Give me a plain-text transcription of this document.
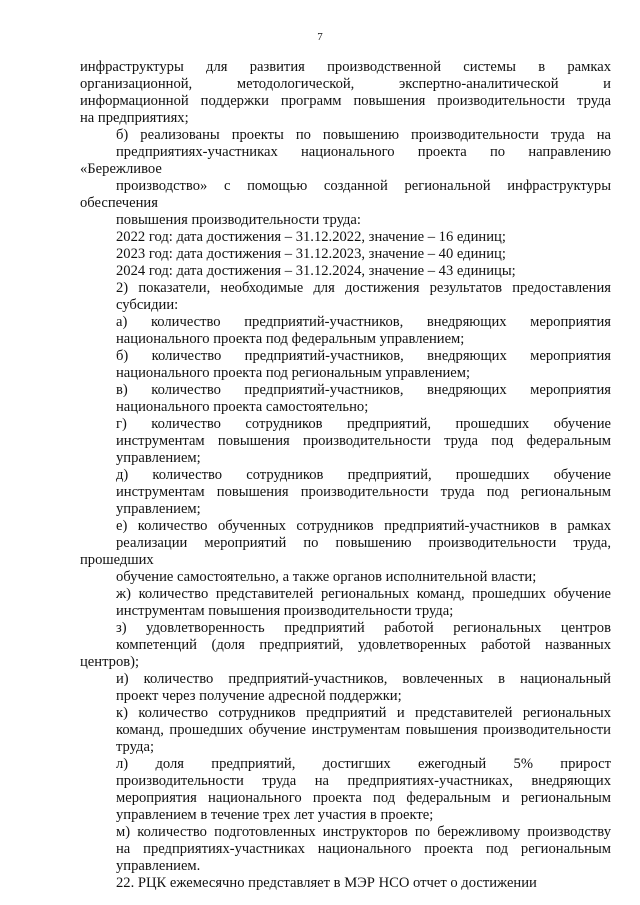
7
инфраструктуры для развития производственной системы в рамках
организационной, методологической, экспертно-аналитической и
информационной поддержки программ повышения производительности труда
на предприятиях;
б) реализованы проекты по повышению производительности труда на
предприятиях-участниках национального проекта по направлению «Бережливое
производство» с помощью созданной региональной инфраструктуры обеспечения
повышения производительности труда:
2022 год: дата достижения – 31.12.2022, значение – 16 единиц;
2023 год: дата достижения – 31.12.2023, значение – 40 единиц;
2024 год: дата достижения – 31.12.2024, значение – 43 единицы;
2) показатели, необходимые для достижения результатов предоставления
субсидии:
а) количество предприятий-участников, внедряющих мероприятия
национального проекта под федеральным управлением;
б) количество предприятий-участников, внедряющих мероприятия
национального проекта под региональным управлением;
в) количество предприятий-участников, внедряющих мероприятия
национального проекта самостоятельно;
г) количество сотрудников предприятий, прошедших обучение
инструментам повышения производительности труда под федеральным
управлением;
д) количество сотрудников предприятий, прошедших обучение
инструментам повышения производительности труда под региональным
управлением;
е) количество обученных сотрудников предприятий-участников в рамках
реализации мероприятий по повышению производительности труда, прошедших
обучение самостоятельно, а также органов исполнительной власти;
ж) количество представителей региональных команд, прошедших обучение
инструментам повышения производительности труда;
з) удовлетворенность предприятий работой региональных центров
компетенций (доля предприятий, удовлетворенных работой названных центров);
и) количество предприятий-участников, вовлеченных в национальный
проект через получение адресной поддержки;
к) количество сотрудников предприятий и представителей региональных
команд, прошедших обучение инструментам повышения производительности
труда;
л) доля предприятий, достигших ежегодный 5% прирост
производительности труда на предприятиях-участниках, внедряющих
мероприятия национального проекта под федеральным и региональным
управлением в течение трех лет участия в проекте;
м) количество подготовленных инструкторов по бережливому производству
на предприятиях-участниках национального проекта под региональным
управлением.
22. РЦК ежемесячно представляет в МЭР НСО отчет о достижении
